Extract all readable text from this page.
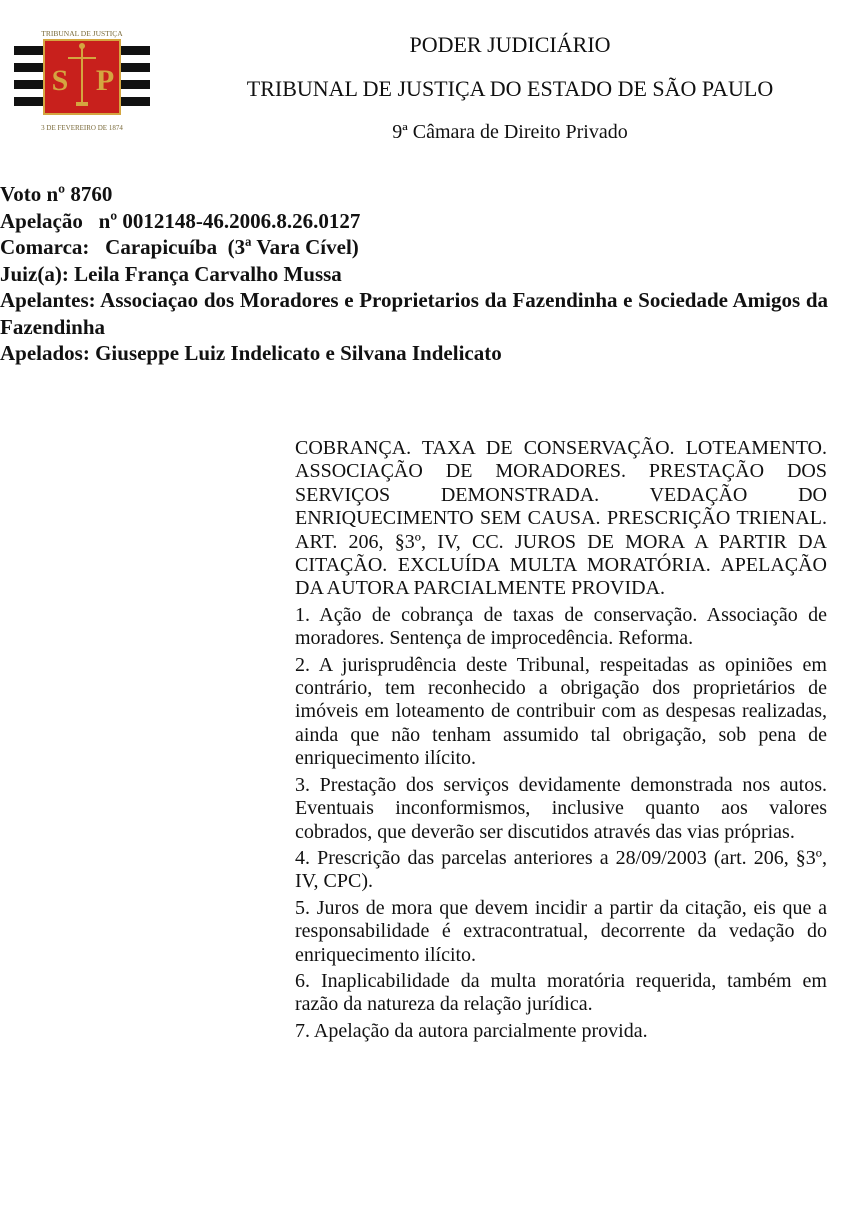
TRIBUNAL DE JUSTIÇA
S P
3 DE FEVEREIRO DE 1874
PODER JUDICIÁRIO
TRIBUNAL DE JUSTIÇA DO ESTADO DE SÃO PAULO
9ª Câmara de Direito Privado
Voto nº 8760
Apelação   nº 0012148-46.2006.8.26.0127
Comarca:   Carapicuíba  (3ª Vara Cível)
Juiz(a): Leila França Carvalho Mussa
Apelantes: Associaçao dos Moradores e Proprietarios da Fazendinha e Sociedade Amigos da Fazendinha
Apelados: Giuseppe Luiz Indelicato e Silvana Indelicato
COBRANÇA. TAXA DE CONSERVAÇÃO. LOTEAMENTO. ASSOCIAÇÃO DE MORADORES. PRESTAÇÃO DOS SERVIÇOS DEMONSTRADA. VEDAÇÃO DO ENRIQUECIMENTO SEM CAUSA. PRESCRIÇÃO TRIENAL. ART. 206, §3º, IV, CC. JUROS DE MORA A PARTIR DA CITAÇÃO. EXCLUÍDA MULTA MORATÓRIA. APELAÇÃO DA AUTORA PARCIALMENTE PROVIDA.
1. Ação de cobrança de taxas de conservação. Associação de moradores. Sentença de improcedência. Reforma.
2. A jurisprudência deste Tribunal, respeitadas as opiniões em contrário, tem reconhecido a obrigação dos proprietários de imóveis em loteamento de contribuir com as despesas realizadas, ainda que não tenham assumido tal obrigação, sob pena de enriquecimento ilícito.
3. Prestação dos serviços devidamente demonstrada nos autos. Eventuais inconformismos, inclusive quanto aos valores cobrados, que deverão ser discutidos através das vias próprias.
4. Prescrição das parcelas anteriores a 28/09/2003 (art. 206, §3º, IV, CPC).
5. Juros de mora que devem incidir a partir da citação, eis que a responsabilidade é extracontratual, decorrente da vedação do enriquecimento ilícito.
6. Inaplicabilidade da multa moratória requerida, também em razão da natureza da relação jurídica.
7. Apelação da autora parcialmente provida.
